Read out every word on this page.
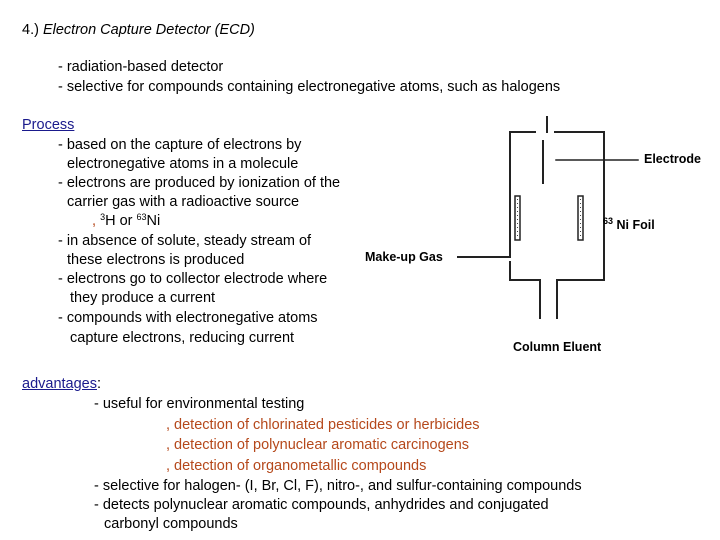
4.) Electron Capture Detector (ECD)
- radiation-based detector
- selective for compounds containing electronegative atoms, such as halogens
Process
- based on the capture of electrons by
electronegative atoms in a molecule
- electrons are produced by ionization of the
carrier gas with a radioactive source
, $^3$H or $^{63}$Ni
- in absence of solute, steady stream of
these electrons is produced
- electrons go to collector electrode where
they produce a current
- compounds with electronegative atoms
capture electrons, reducing current
Electrode
$^{63}$ Ni Foil
Make-up Gas
Column Eluent
advantages:
- useful for environmental testing
, detection of chlorinated pesticides or herbicides
, detection of polynuclear aromatic carcinogens
, detection of organometallic compounds
- selective for halogen- (I, Br, Cl, F), nitro-, and sulfur-containing compounds
- detects polynuclear aromatic compounds, anhydrides and conjugated
carbonyl compounds
